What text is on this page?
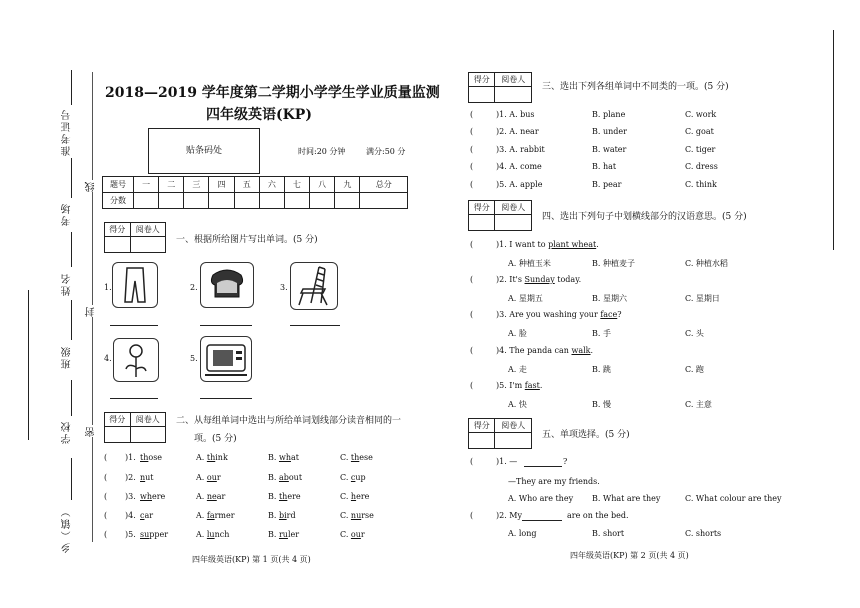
准考证号
考场
姓名
班级
学校
乡（镇）
线
封
密
2018—2019 学年度第二学期小学学生学业质量监测
四年级英语(KP)
贴条码处	时间:20 分钟	满分:50 分
题号	一	二	三	四	五	六	七	八	九	总分
分数										
得分	阅卷人

一、根据所给图片写出单词。(5 分)
1.	2.	3.
4.	5.
得分	阅卷人
	二、从每组单词中选出与所给单词划线部分读音相同的一
项。(5 分)
( )1. those	A. think	B. what	C. these
( )2. nut	A. our	B. about	C. cup
( )3. where	A. near	B. there	C. here
( )4. car	A. farmer	B. bird	C. nurse
( )5. supper	A. lunch	B. ruler	C. our
四年级英语(KP) 第 1 页(共 4 页)
得分	阅卷人

三、选出下列各组单词中不同类的一项。(5 分)
(	)1. A. bus	B. plane	C. work
(	)2. A. near	B. under	C. goat
(	)3. A. rabbit	B. water	C. tiger
(	)4. A. come	B. hat	C. dress
(	)5. A. apple	B. pear	C. think
得分	阅卷人

四、选出下列句子中划横线部分的汉语意思。(5 分)
(	)1. I want to plant wheat.
A. 种植玉米	B. 种植麦子	C. 种植水稻
(	)2. It's Sunday today.
A. 星期五	B. 星期六	C. 星期日
(	)3. Are you washing your face?
A. 脸	B. 手	C. 头
(	)4. The panda can walk.
A. 走	B. 跳	C. 跑
(	)5. I'm fast.
A. 快	B. 慢	C. 主意
得分	阅卷人

五、单项选择。(5 分)
(	)1. —	?
—They are my friends.
A. Who are they B. What are they	C. What colour are they
(	)2. My	are on the bed.
A. long	B. short	C. shorts
四年级英语(KP) 第 2 页(共 4 页)
